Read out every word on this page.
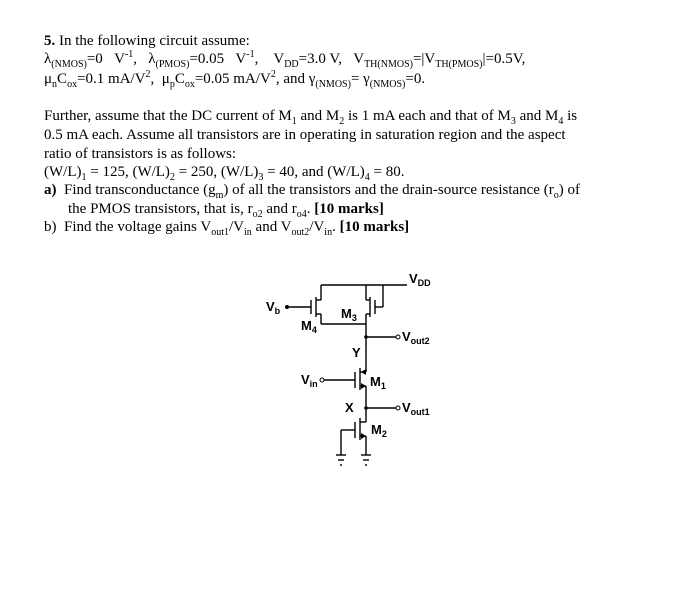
5. In the following circuit assume:
$\lambda_{(NMOS)}=0$ $V^{-1}$,   $\lambda_{(PMOS)}=0.05$ $V^{-1}$,    $V_{DD}=3.0$ V, $V_{TH(NMOS)}=|V_{TH(PMOS)}|=0.5V$,
$\mu_nC_{ox}=0.1$ $mA/V^2$,  $\mu_pC_{ox}=0.05$ $mA/V^2$, and $\gamma_{(NMOS)}= \gamma_{(NMOS)}=0$.
Further, assume that the DC current of $M_1$ and $M_2$ is 1 mA each and that of $M_3$ and $M_4$ is
0.5 mA each. Assume all transistors are in operating in saturation region and the aspect
ratio of transistors is as follows:
$(W/L)_1 = 125$, $(W/L)_2 = 250$, $(W/L)_3 = 40$, and $(W/L)_4 = 80$.
a) Find transconductance $(g_m)$ of all the transistors and the drain-source resistance $(r_o)$ of
the PMOS transistors, that is, $r_{o2}$ and $r_{o4}$. [10 marks]
b) Find the voltage gains $V_{out1}/V_{in}$ and $V_{out2}/V_{in}$. [10 marks]
$V_{DD}$
$V_b$
$M_4$
$M_3$
$V_{out2}$
Y
$V_{in}$	$M_1$
X	$V_{out1}$
$M_2$
